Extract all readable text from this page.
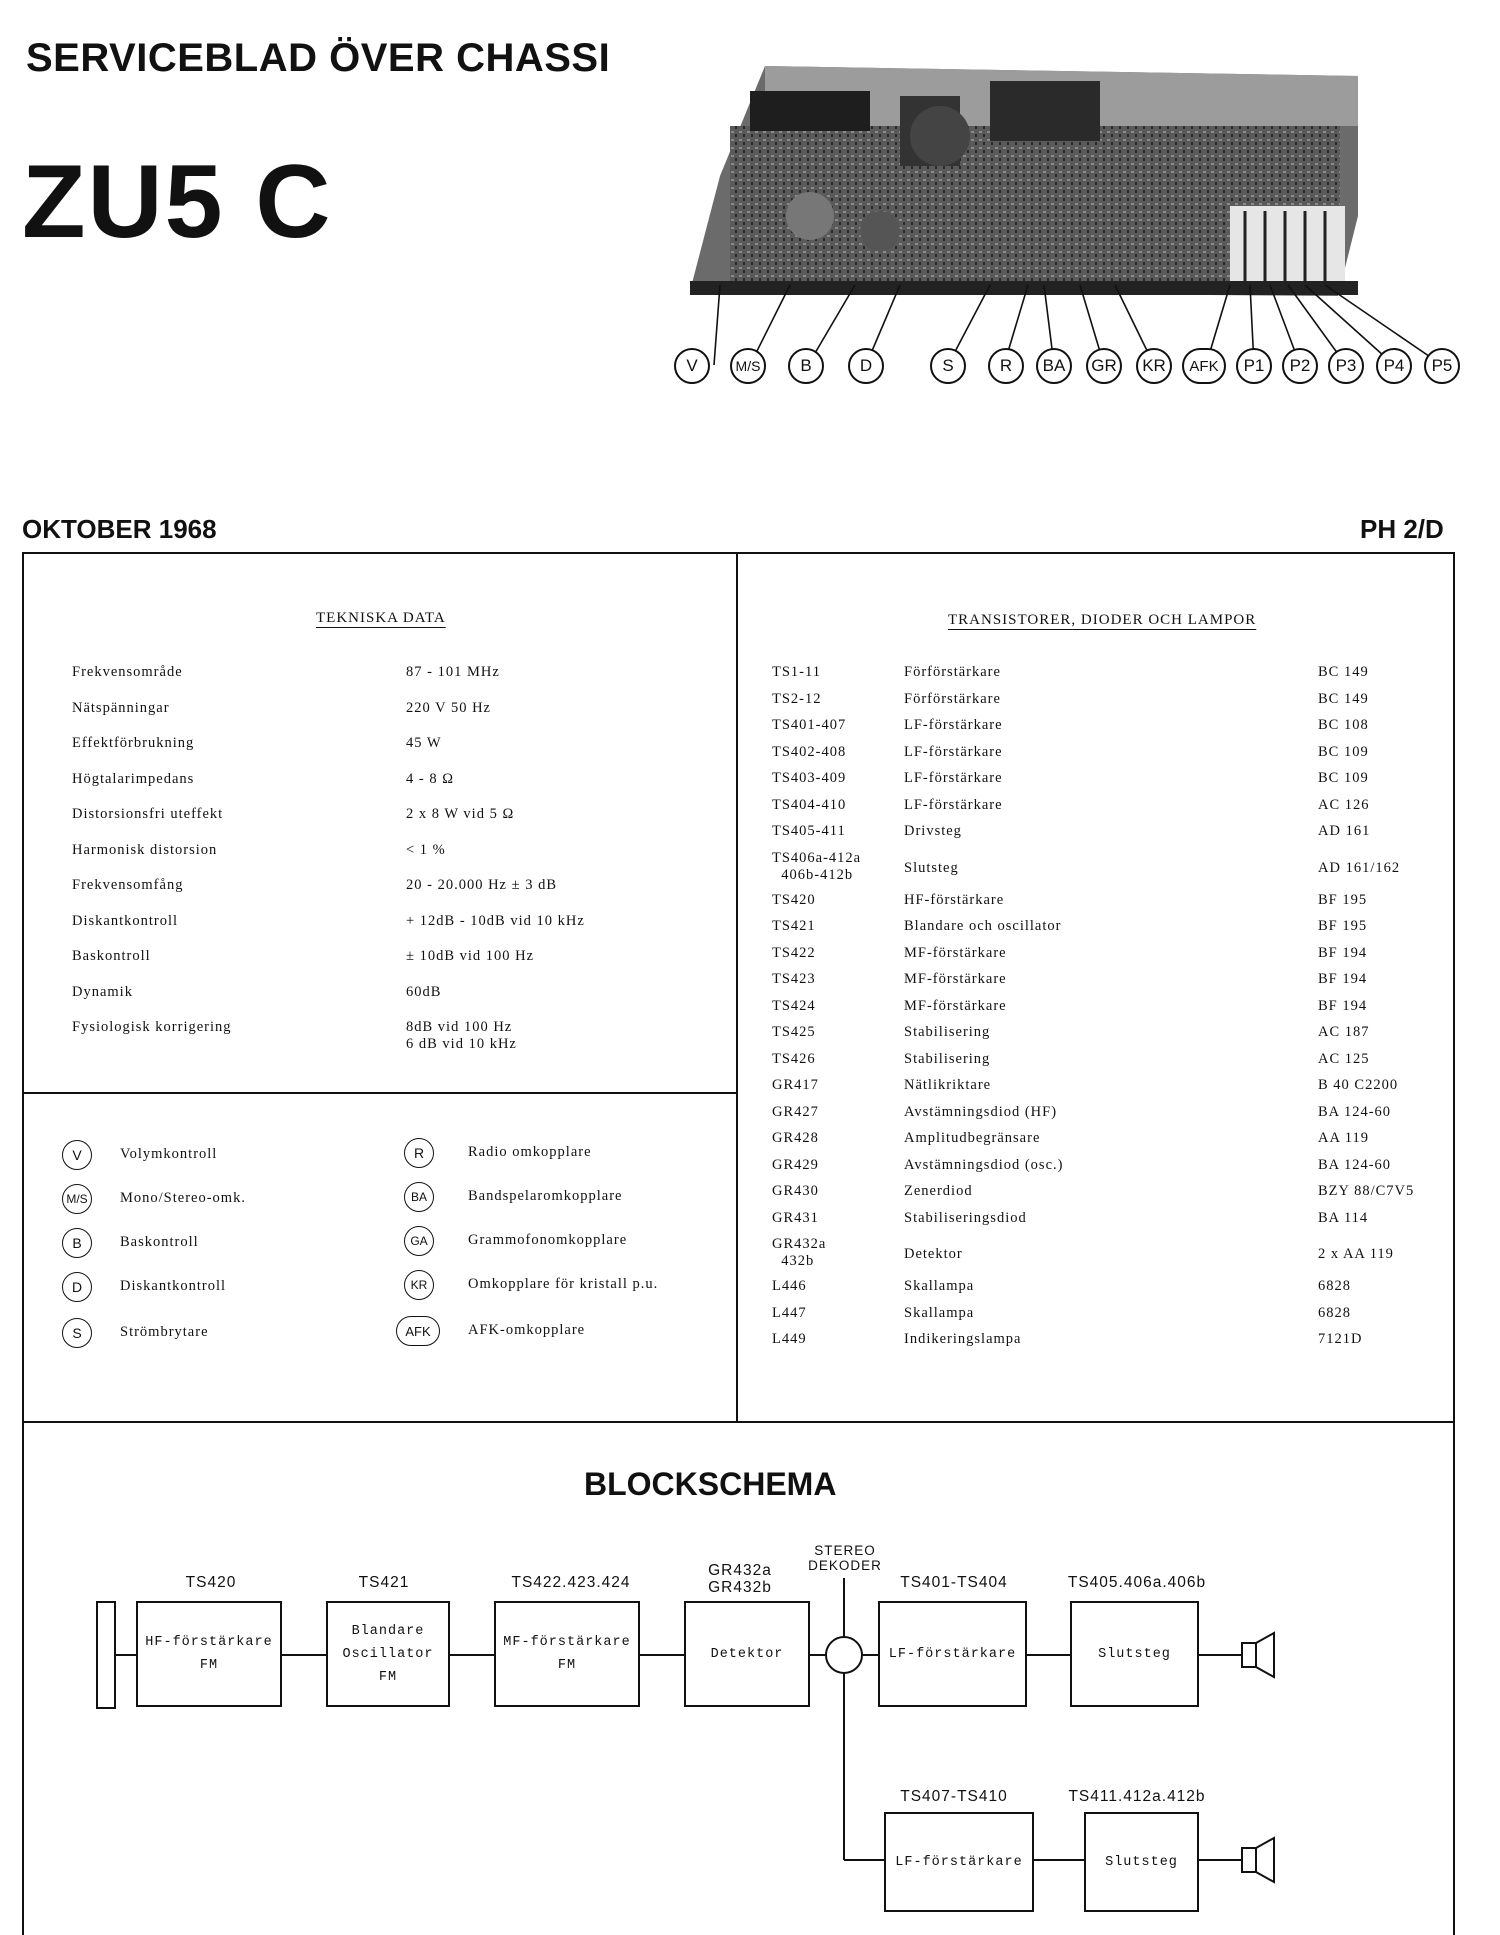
SERVICEBLAD ÖVER CHASSI
ZU5 C
V	M/S	B	D	S	R	BA	GR	KR	AFK	P1	P2	P3	P4	P5
OKTOBER 1968	PH 2/D
TEKNISKA DATA
Frekvensområde	87 - 101 MHz
Nätspänningar	220 V 50 Hz
Effektförbrukning	45 W
Högtalarimpedans	4 - 8 Ω
Distorsionsfri uteffekt	2 x 8 W vid 5 Ω
Harmonisk distorsion	< 1 %
Frekvensomfång	20 - 20.000 Hz ± 3 dB
Diskantkontroll	+ 12dB - 10dB vid 10 kHz
Baskontroll	± 10dB vid 100 Hz
Dynamik	60dB
Fysiologisk korrigering	8dB vid 100 Hz
6 dB vid 10 kHz
V	Volymkontroll
M/S Mono/Stereo-omk.
B	Baskontroll
D	Diskantkontroll
S	Strömbrytare
R	Radio omkopplare
BA	Bandspelaromkopplare
GA	Grammofonomkopplare
KR	Omkopplare för kristall p.u.
AFK	AFK-omkopplare
TRANSISTORER, DIODER OCH LAMPOR
TS1-11	Förförstärkare	BC 149
TS2-12	Förförstärkare	BC 149
TS401-407	LF-förstärkare	BC 108
TS402-408	LF-förstärkare	BC 109
TS403-409	LF-förstärkare	BC 109
TS404-410	LF-förstärkare	AC 126
TS405-411	Drivsteg	AD 161
TS406a-412a
406b-412b	Slutsteg	AD 161/162
TS420	HF-förstärkare	BF 195
TS421	Blandare och oscillator	BF 195
TS422	MF-förstärkare	BF 194
TS423	MF-förstärkare	BF 194
TS424	MF-förstärkare	BF 194
TS425	Stabilisering	AC 187
TS426	Stabilisering	AC 125
GR417	Nätlikriktare	B 40 C2200
GR427	Avstämningsdiod (HF)	BA 124-60
GR428	Amplitudbegränsare	AA 119
GR429	Avstämningsdiod (osc.)	BA 124-60
GR430	Zenerdiod	BZY 88/C7V5
GR431	Stabiliseringsdiod	BA 114
GR432a
432b	Detektor	2 x AA 119
L446	Skallampa	6828
L447	Skallampa	6828
L449	Indikeringslampa	7121D
BLOCKSCHEMA
TS420
HF-förstärkare
FM
TS421
Blandare
Oscillator
FM
TS422.423.424
MF-förstärkare
FM
GR432a
GR432b
Detektor
STEREO
DEKODER
TS401-TS404
LF-förstärkare
TS405.406a.406b
Slutsteg
TS407-TS410
LF-förstärkare
TS411.412a.412b
Slutsteg
